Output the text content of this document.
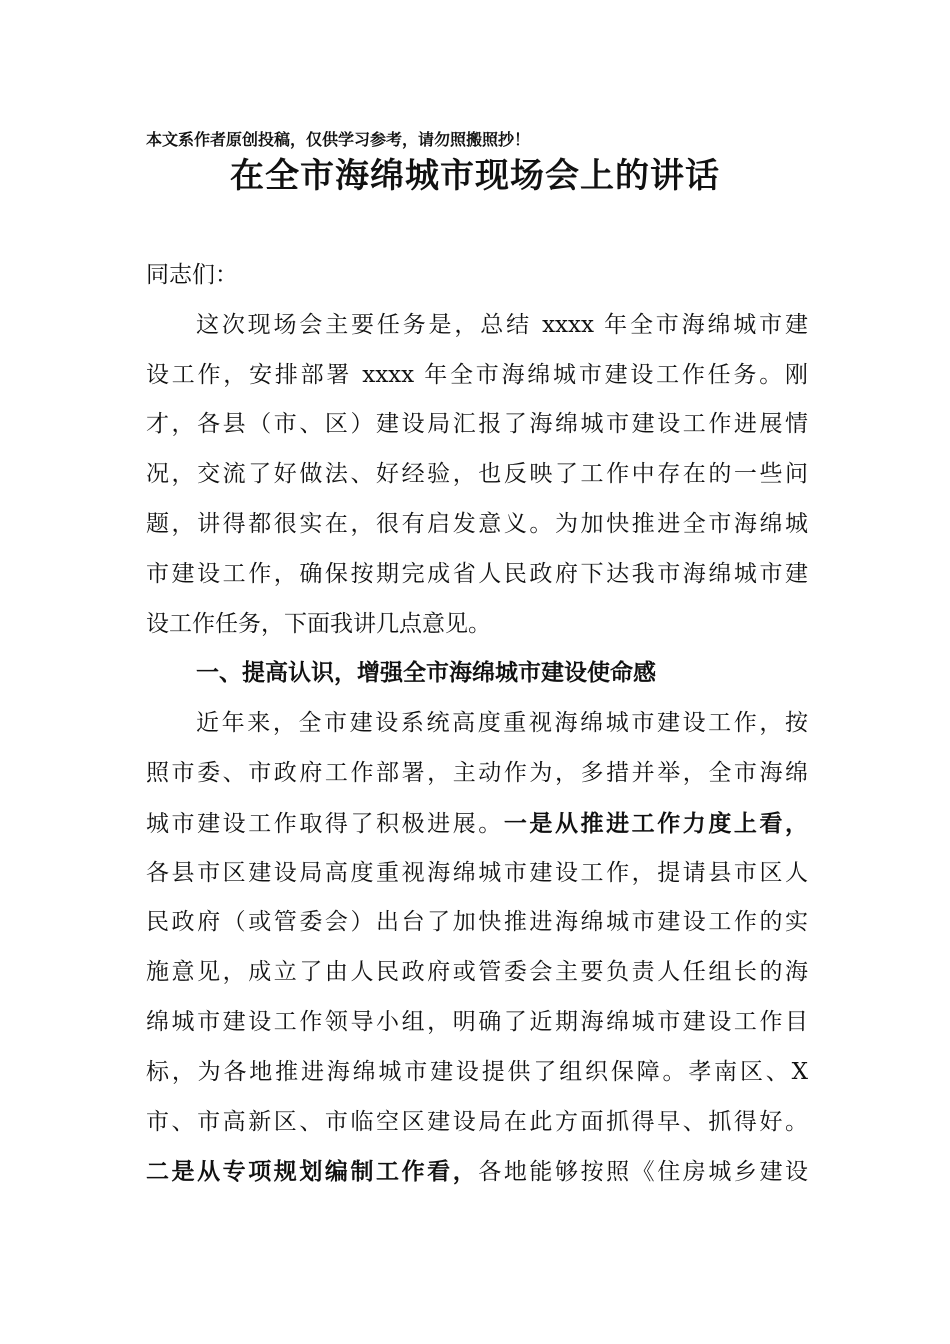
本文系作者原创投稿，仅供学习参考，请勿照搬照抄！
在全市海绵城市现场会上的讲话
同志们：
这次现场会主要任务是，总结 xxxx 年全市海绵城市建
设工作，安排部署 xxxx 年全市海绵城市建设工作任务。刚
才，各县（市、区）建设局汇报了海绵城市建设工作进展情
况，交流了好做法、好经验，也反映了工作中存在的一些问
题，讲得都很实在，很有启发意义。为加快推进全市海绵城
市建设工作，确保按期完成省人民政府下达我市海绵城市建
设工作任务，下面我讲几点意见。
一、提高认识，增强全市海绵城市建设使命感
近年来，全市建设系统高度重视海绵城市建设工作，按
照市委、市政府工作部署，主动作为，多措并举，全市海绵
城市建设工作取得了积极进展。一是从推进工作力度上看，
各县市区建设局高度重视海绵城市建设工作，提请县市区人
民政府（或管委会）出台了加快推进海绵城市建设工作的实
施意见，成立了由人民政府或管委会主要负责人任组长的海
绵城市建设工作领导小组，明确了近期海绵城市建设工作目
标，为各地推进海绵城市建设提供了组织保障。孝南区、X
市、市高新区、市临空区建设局在此方面抓得早、抓得好。
二是从专项规划编制工作看，各地能够按照《住房城乡建设
